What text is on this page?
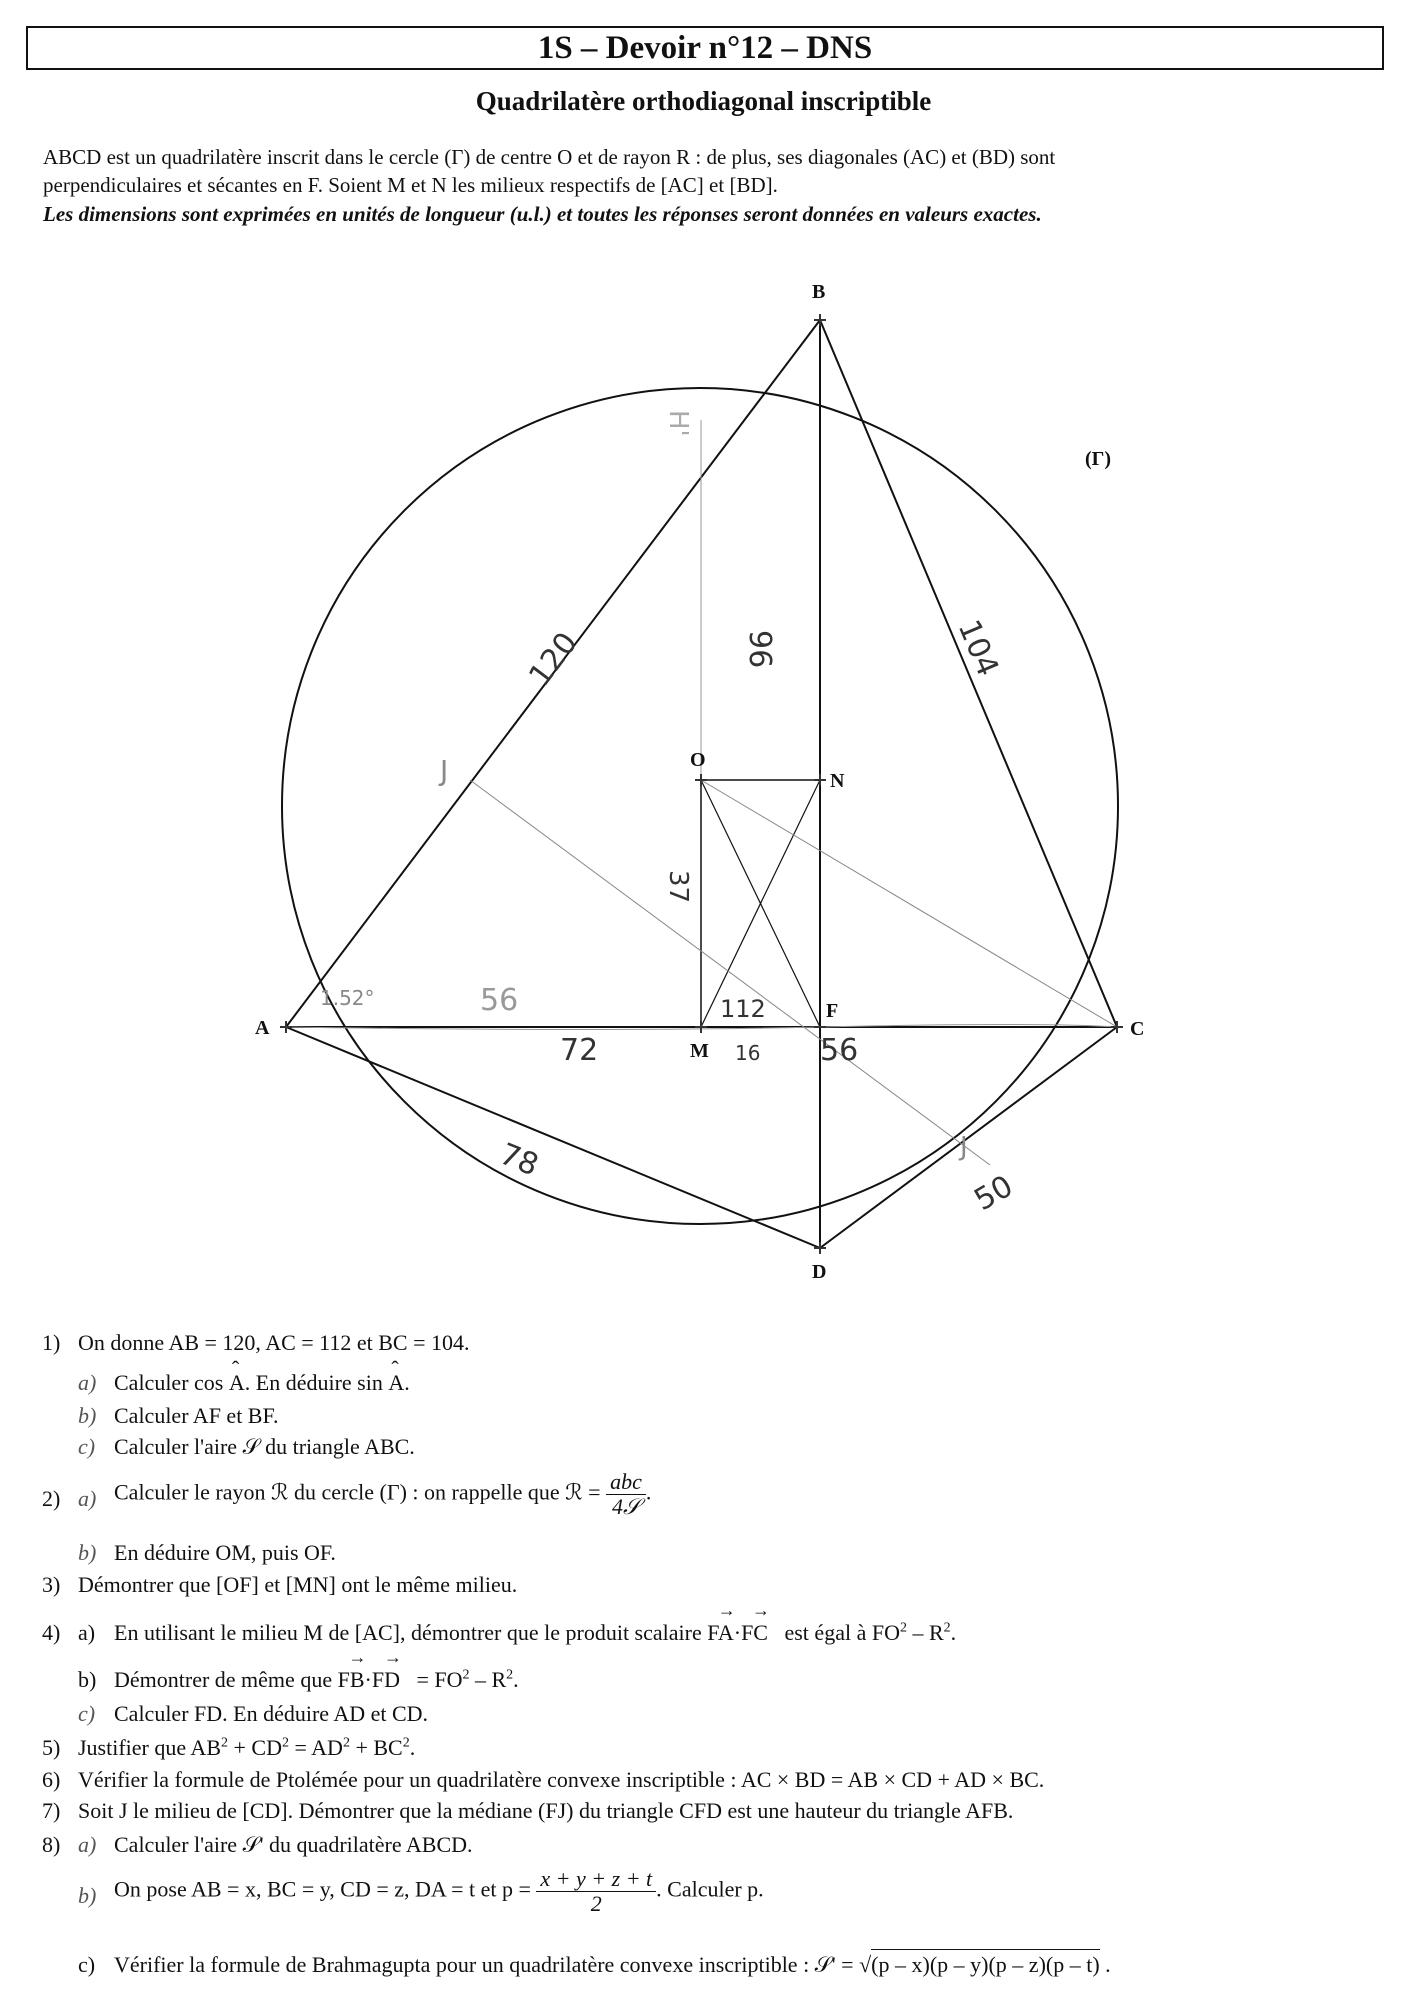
1S – Devoir n°12 – DNS
Quadrilatère orthodiagonal inscriptible
ABCD est un quadrilatère inscrit dans le cercle (Γ) de centre O et de rayon R : de plus, ses diagonales (AC) et (BD) sont
perpendiculaires et sécantes en F. Soient M et N les milieux respectifs de [AC] et [BD].
Les dimensions sont exprimées en unités de longueur (u.l.) et toutes les réponses seront données en valeurs exactes.
A
B
C
D
O
N
M
F
(Γ)
120	104
78
50
96
37
56	112
72	16 56
1.52°
J
H'
J
1) On donne AB = 120, AC = 112 et BC = 104.
a) Calculer cos ˆ A. En déduire sin ˆ A.
b) Calculer AF et BF.
c) Calculer l'aire 𝒮 du triangle ABC.
2) a) Calculer le rayon ℛ du cercle (Γ) : on rappelle que ℛ = $\frac{\text{abc}}{\text{4𝒮}}$ .
b) En déduire OM, puis OF.
3) Démontrer que [OF] et [MN] ont le même milieu.
4) a) En utilisant le milieu M de [AC], démontrer que le produit scalaire → FA·→ FC est égal à $FO^2 - R^2$.
b) Démontrer de même que → FB·→ FD = $FO^2 - R^2$.
c) Calculer FD. En déduire AD et CD.
5) Justifier que $AB^2 + CD^2 = AD^2 + BC^2$.
6) Vérifier la formule de Ptolémée pour un quadrilatère convexe inscriptible : AC × BD = AB × CD + AD × BC.
7) Soit J le milieu de [CD]. Démontrer que la médiane (FJ) du triangle CFD est une hauteur du triangle AFB.
8) a) Calculer l'aire 𝒮' du quadrilatère ABCD.
b) On pose AB = x, BC = y, CD = z, DA = t et $p = \frac{x + y + z + t}{2}$ . Calculer p.
c) Vérifier la formule de Brahmagupta pour un quadrilatère convexe inscriptible : 𝒮' = √(p – x)(p – y)(p – z)(p – t) .
